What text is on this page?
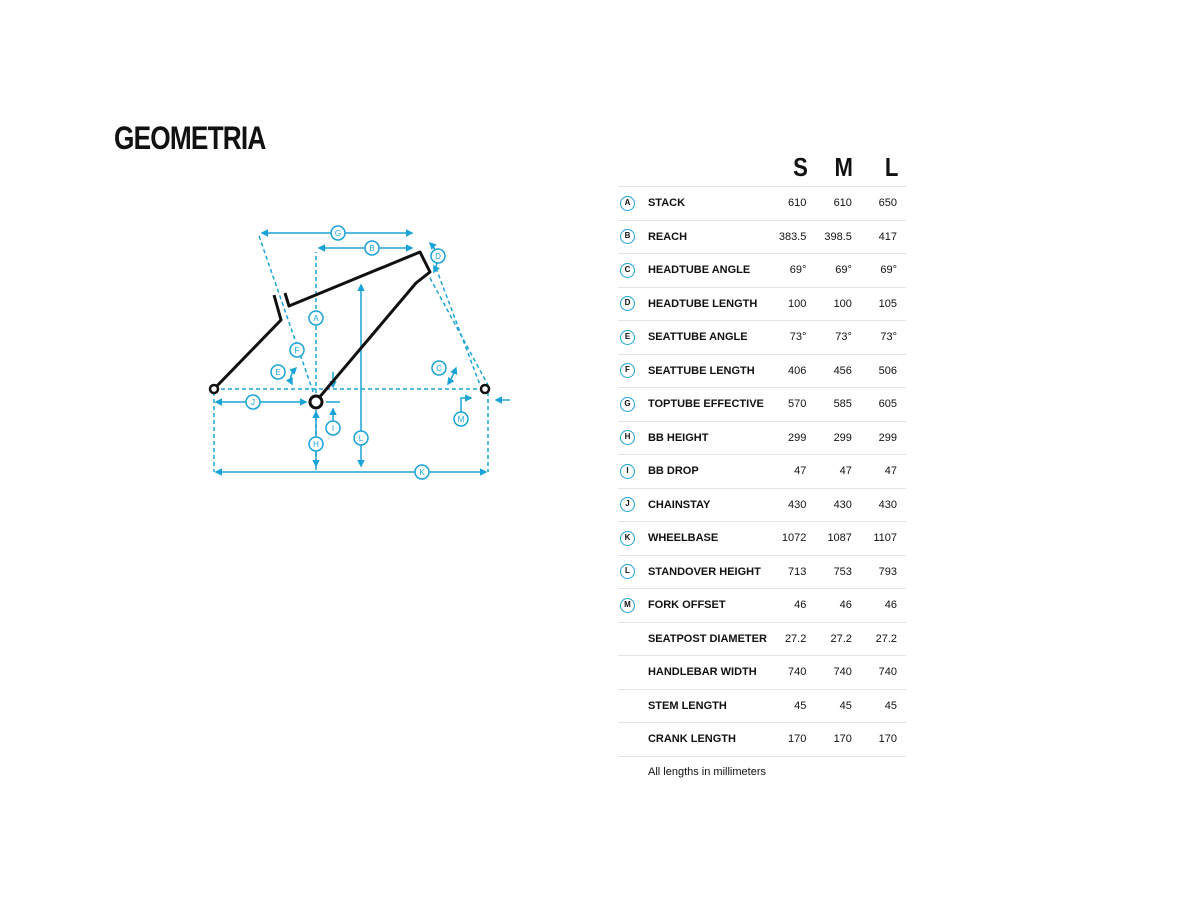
GEOMETRIA
A
B
C
D
E
F
G
H
I
J
K
L
M
		S	M	L
A	STACK	610	610	650
B	REACH	383.5	398.5	417
C	HEADTUBE ANGLE	69°	69°	69°
D	HEADTUBE LENGTH	100	100	105
E	SEATTUBE ANGLE	73°	73°	73°
F	SEATTUBE LENGTH	406	456	506
G	TOPTUBE EFFECTIVE	570	585	605
H	BB HEIGHT	299	299	299
I	BB DROP	47	47	47
J	CHAINSTAY	430	430	430
K	WHEELBASE	1072	1087	1107
L	STANDOVER HEIGHT	713	753	793
M	FORK OFFSET	46	46	46
	SEATPOST DIAMETER	27.2	27.2	27.2
	HANDLEBAR WIDTH	740	740	740
	STEM LENGTH	45	45	45
	CRANK LENGTH	170	170	170
All lengths in millimeters
